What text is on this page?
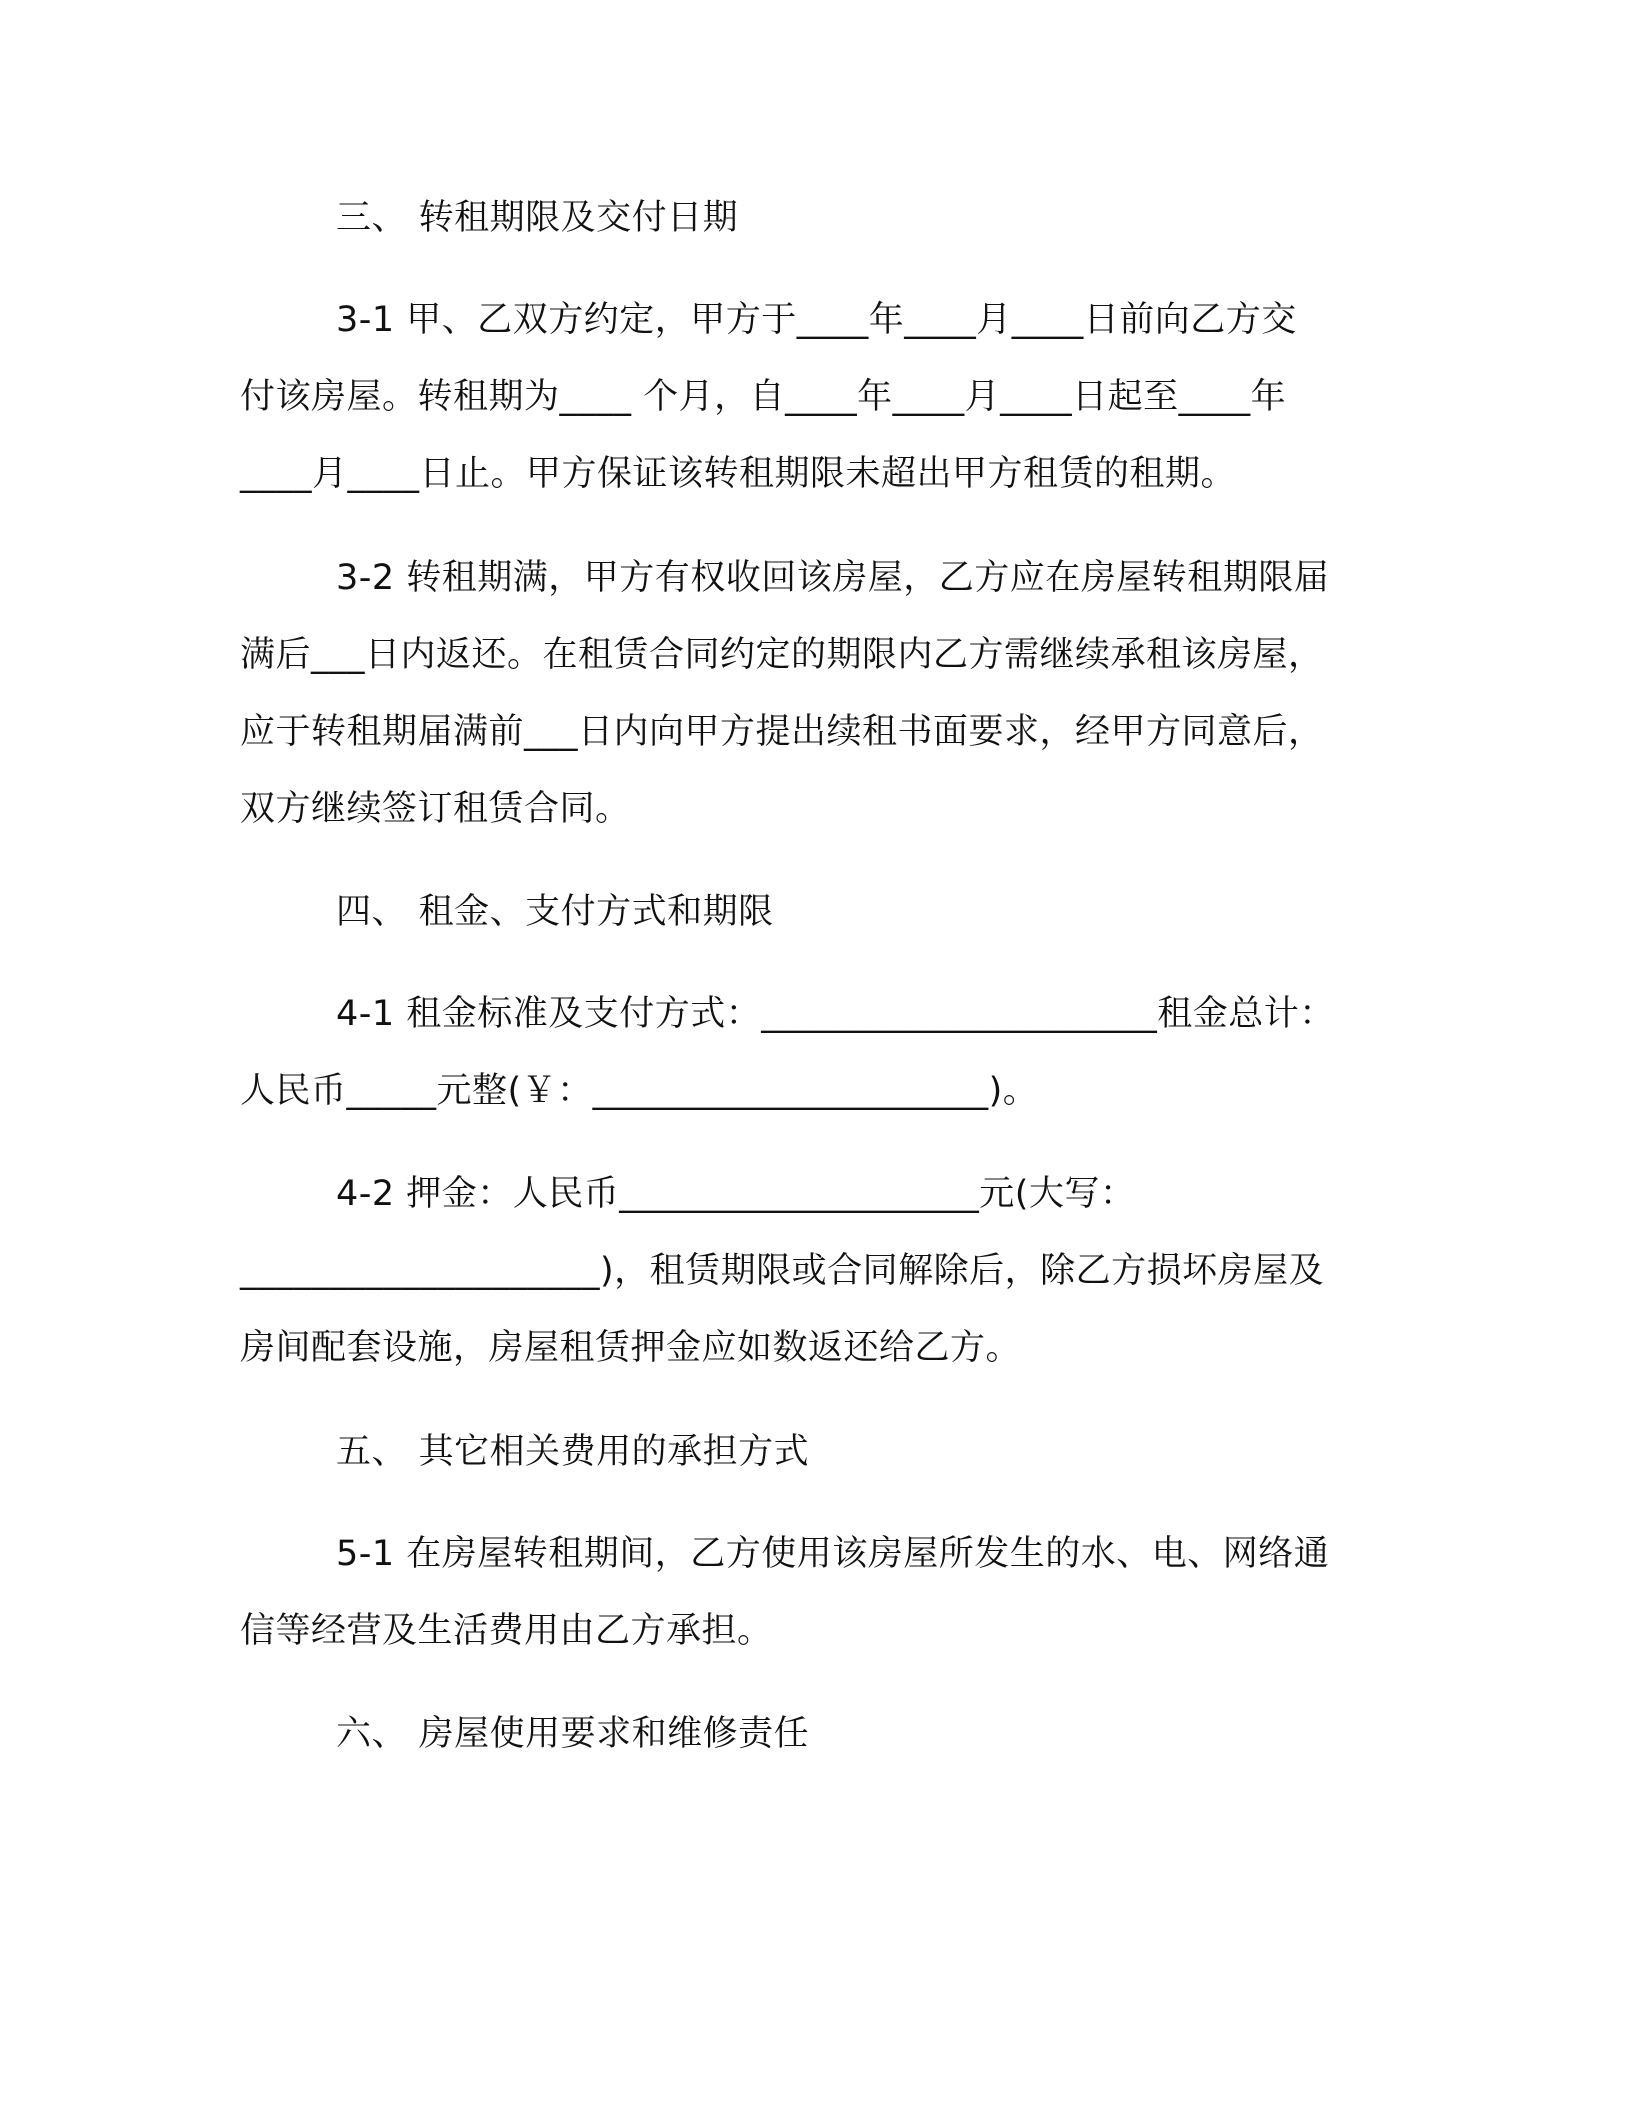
三、 转租期限及交付日期
3-1 甲、乙双方约定，甲方于____年____月____日前向乙方交
付该房屋。转租期为____ 个月，自____年____月____日起至____年
____月____日止。甲方保证该转租期限未超出甲方租赁的租期。
3-2 转租期满，甲方有权收回该房屋，乙方应在房屋转租期限届
满后___日内返还。在租赁合同约定的期限内乙方需继续承租该房屋，
应于转租期届满前___日内向甲方提出续租书面要求，经甲方同意后，
双方继续签订租赁合同。
四、 租金、支付方式和期限
4-1 租金标准及支付方式：______________________租金总计：
人民币_____元整(￥：______________________)。
4-2 押金：人民币____________________元(大写：
____________________)，租赁期限或合同解除后，除乙方损坏房屋及
房间配套设施，房屋租赁押金应如数返还给乙方。
五、 其它相关费用的承担方式
5-1 在房屋转租期间，乙方使用该房屋所发生的水、电、网络通
信等经营及生活费用由乙方承担。
六、 房屋使用要求和维修责任
